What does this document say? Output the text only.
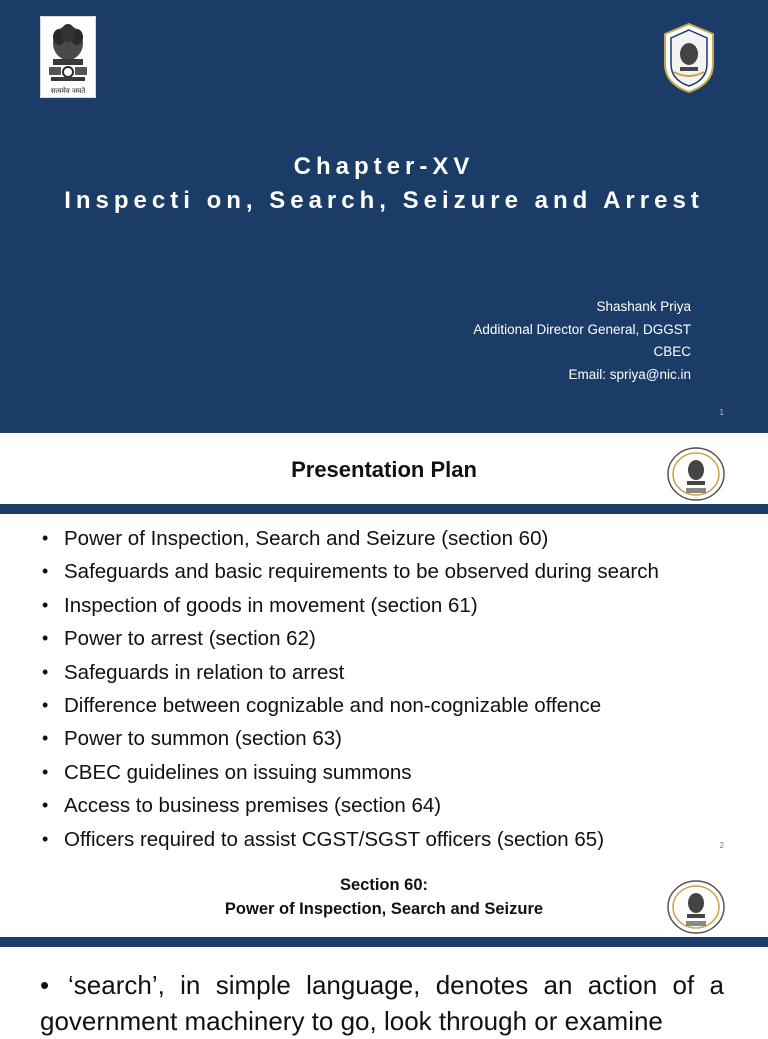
सत्यमेव जयते
Chapter-XV
Inspecti on, Search, Seizure and Arrest
Shashank Priya
Additional Director General, DGGST
CBEC
Email: spriya@nic.in
1
Presentation Plan
• Power of Inspection, Search and Seizure (section 60)
• Safeguards and basic requirements to be observed during search
• Inspection of goods in movement (section 61)
• Power to arrest (section 62)
• Safeguards in relation to arrest
• Difference between cognizable and non-cognizable offence
• Power to summon (section 63)
• CBEC guidelines on issuing summons
• Access to business premises (section 64)
• Officers required to assist CGST/SGST officers (section 65)	2
Section 60:
Power of Inspection, Search and Seizure
• ‘search’, in simple language, denotes an action of a government machinery to go, look through or examine
